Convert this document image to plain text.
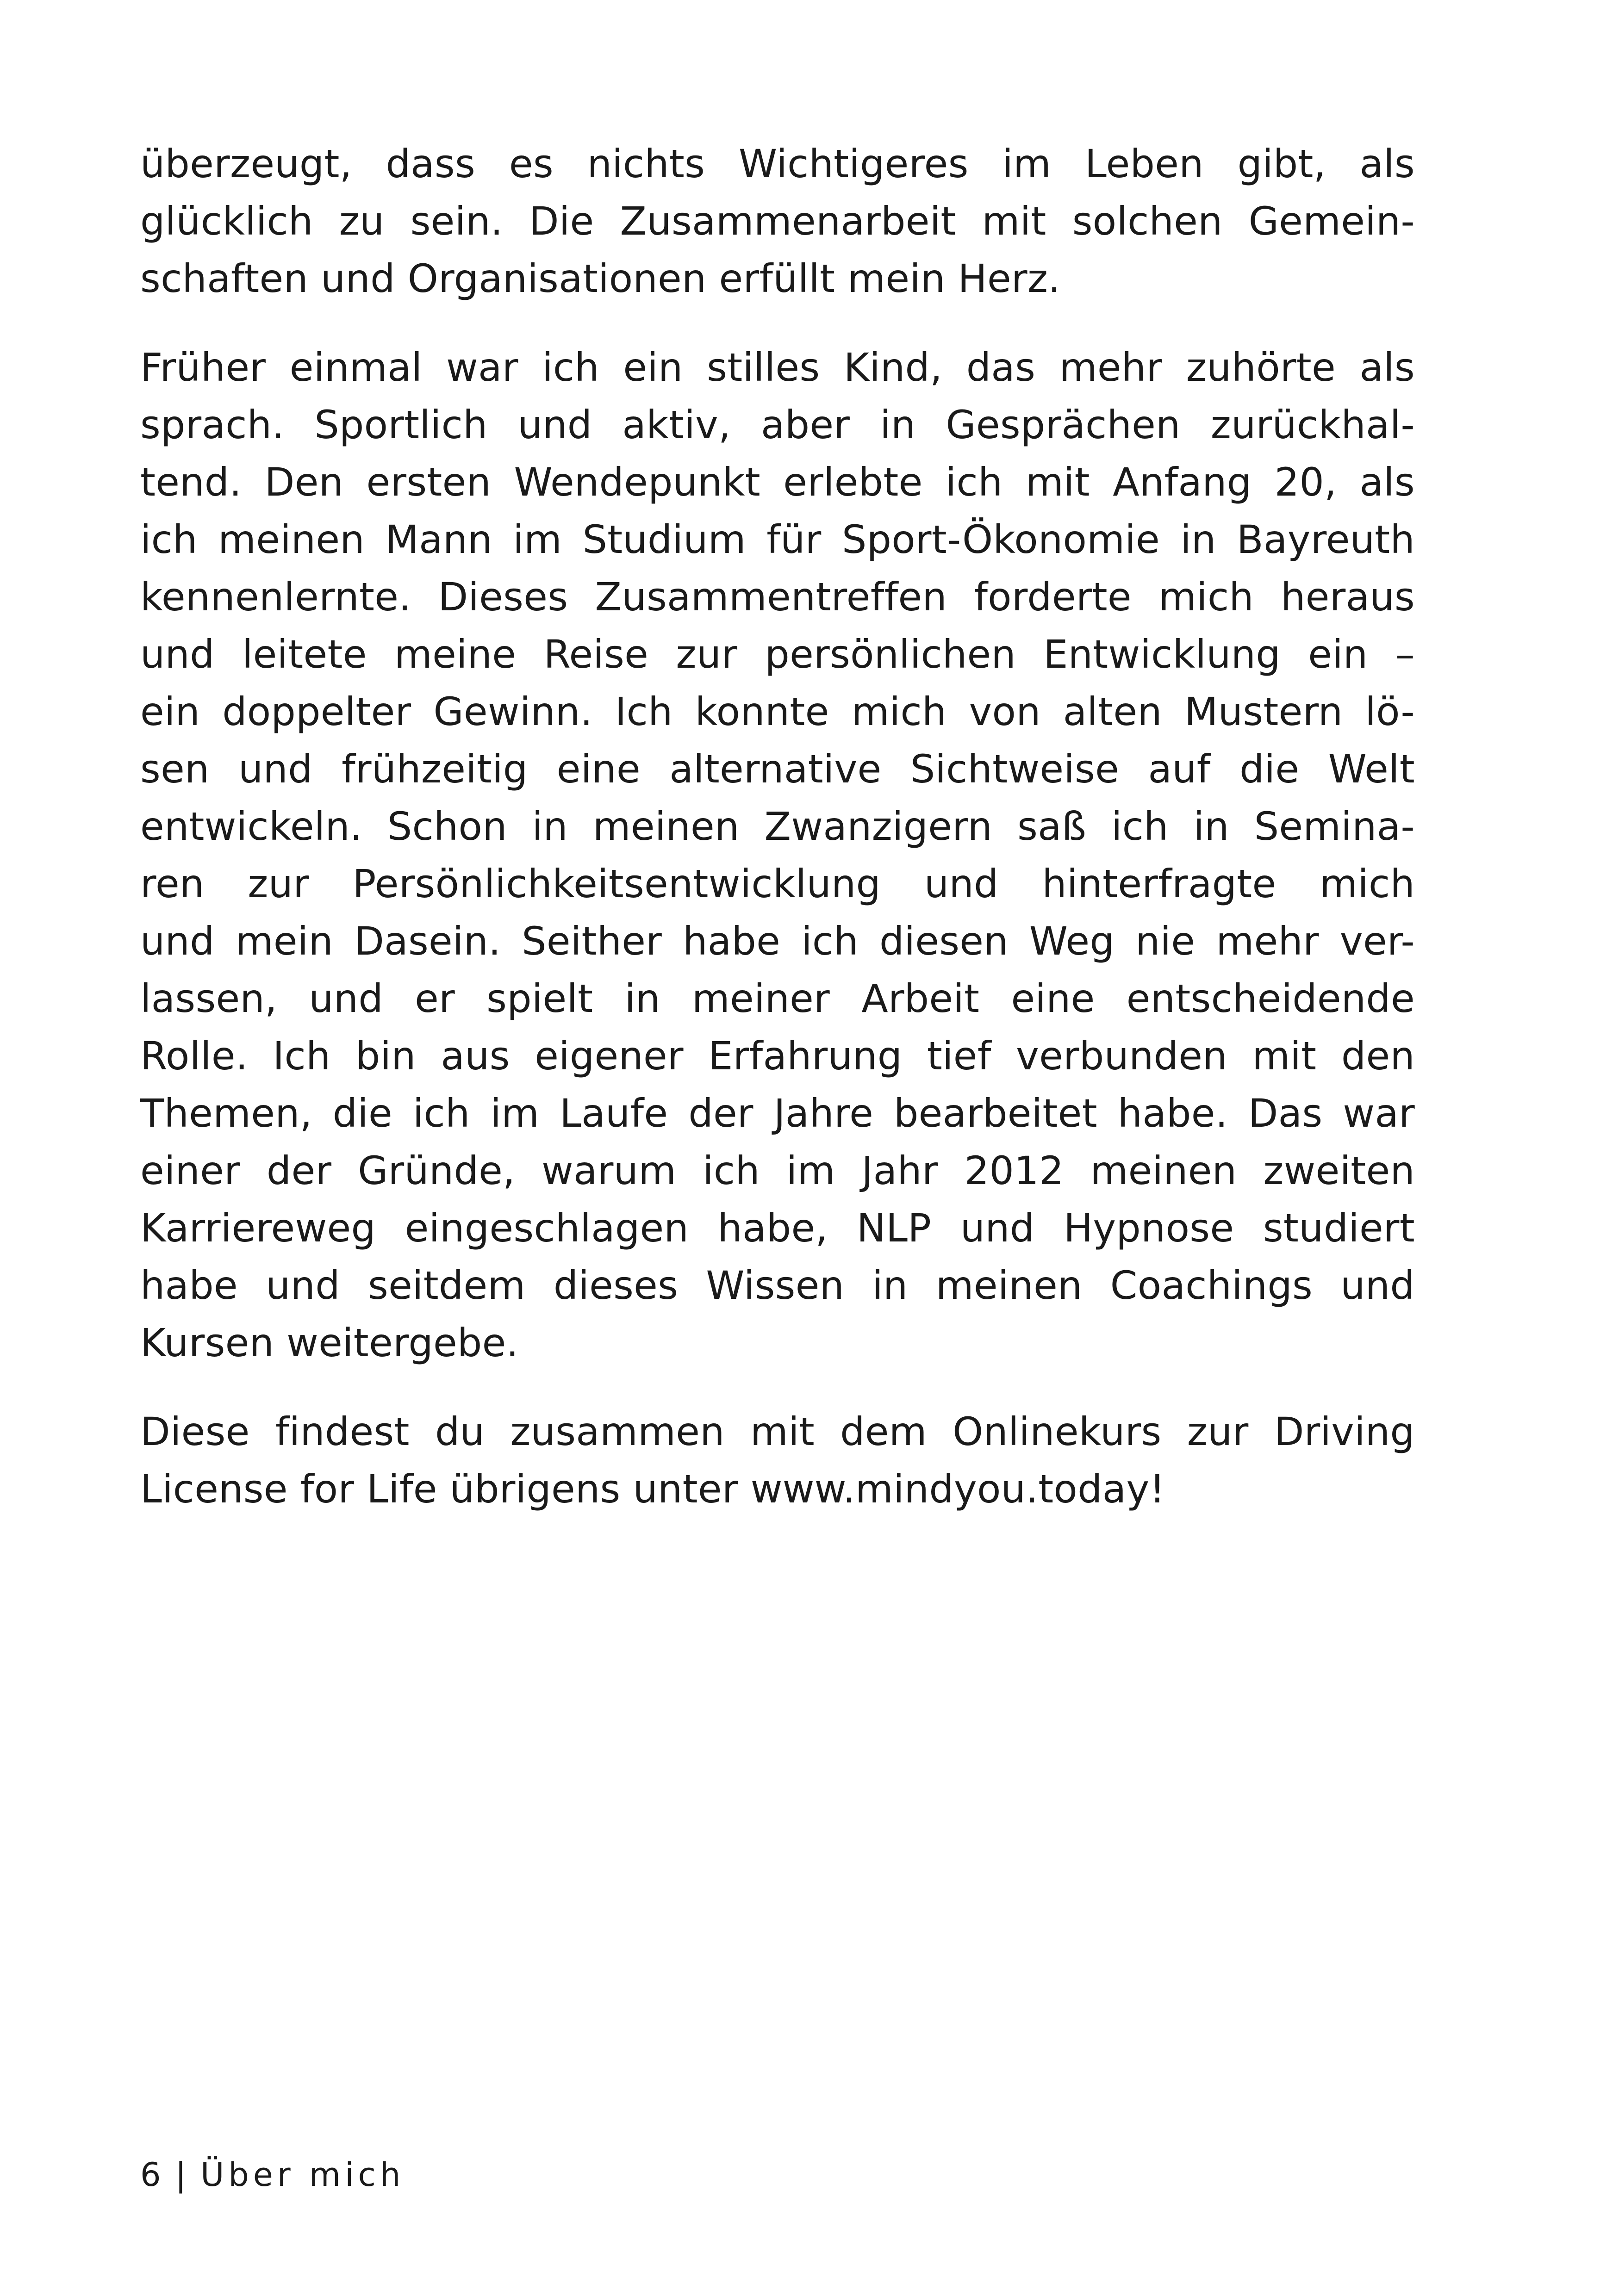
überzeugt, dass es nichts Wichtigeres im Leben gibt, als
glücklich zu sein. Die Zusammenarbeit mit solchen Gemein-
schaften und Organisationen erfüllt mein Herz.
Früher einmal war ich ein stilles Kind, das mehr zuhörte als
sprach. Sportlich und aktiv, aber in Gesprächen zurückhal-
tend. Den ersten Wendepunkt erlebte ich mit Anfang 20, als
ich meinen Mann im Studium für Sport-Ökonomie in Bayreuth
kennenlernte. Dieses Zusammentreffen forderte mich heraus
und leitete meine Reise zur persönlichen Entwicklung ein –
ein doppelter Gewinn. Ich konnte mich von alten Mustern lö-
sen und frühzeitig eine alternative Sichtweise auf die Welt
entwickeln. Schon in meinen Zwanzigern saß ich in Semina-
ren zur Persönlichkeitsentwicklung und hinterfragte mich
und mein Dasein. Seither habe ich diesen Weg nie mehr ver-
lassen, und er spielt in meiner Arbeit eine entscheidende
Rolle. Ich bin aus eigener Erfahrung tief verbunden mit den
Themen, die ich im Laufe der Jahre bearbeitet habe. Das war
einer der Gründe, warum ich im Jahr 2012 meinen zweiten
Karriereweg eingeschlagen habe, NLP und Hypnose studiert
habe und seitdem dieses Wissen in meinen Coachings und
Kursen weitergebe.
Diese findest du zusammen mit dem Onlinekurs zur Driving
License for Life übrigens unter www.mindyou.today!
6 | Über mich
